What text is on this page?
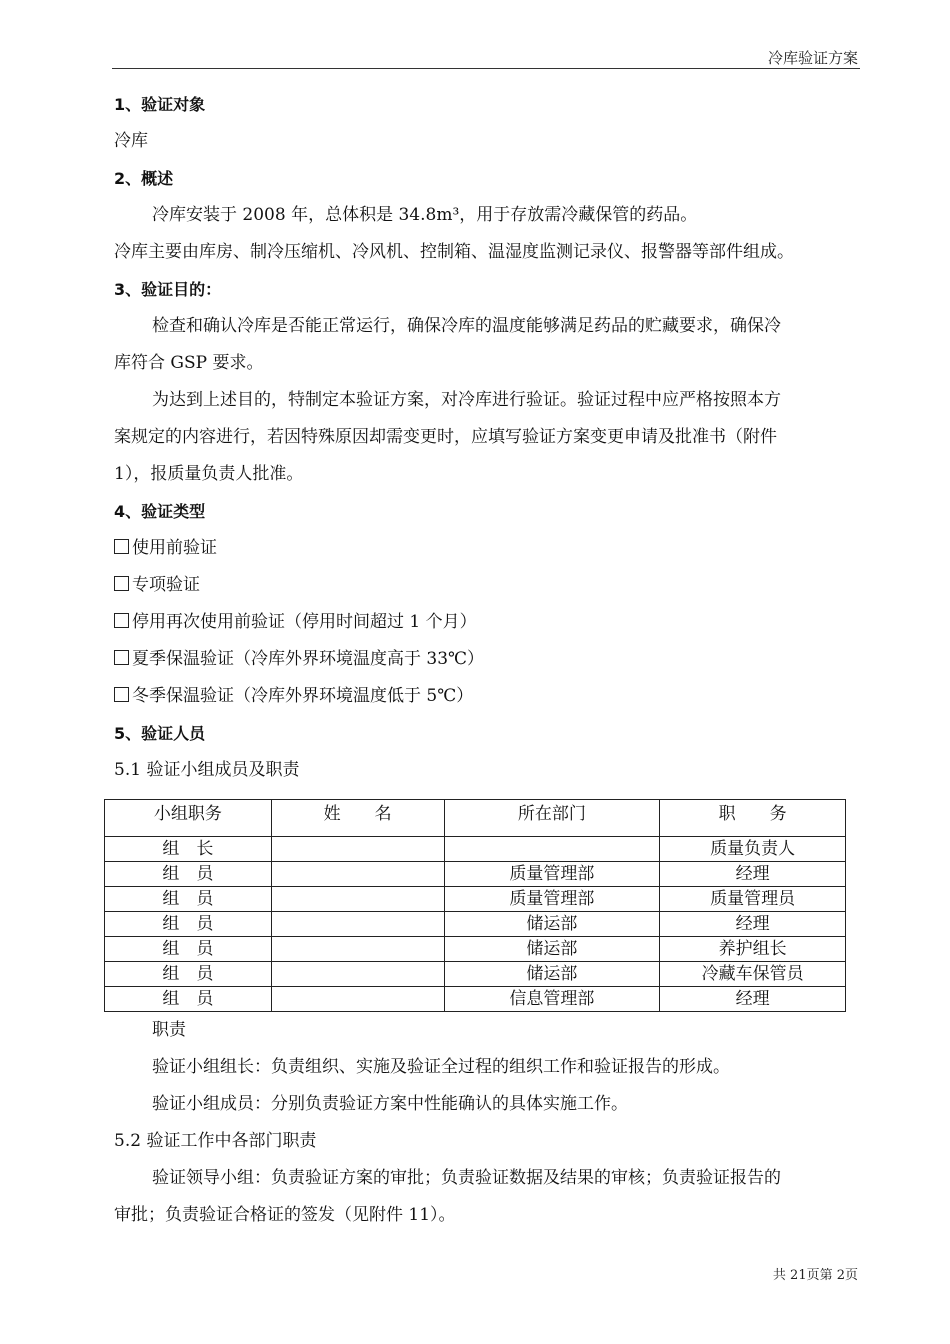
冷库验证方案

1、验证对象

冷库

2、概述

冷库安装于 2008 年，总体积是 34.8m³，用于存放需冷藏保管的药品。

冷库主要由库房、制冷压缩机、冷风机、控制箱、温湿度监测记录仪、报警器等部件组成。

3、验证目的：

检查和确认冷库是否能正常运行，确保冷库的温度能够满足药品的贮藏要求，确保冷

库符合 GSP 要求。

为达到上述目的，特制定本验证方案，对冷库进行验证。验证过程中应严格按照本方

案规定的内容进行，若因特殊原因却需变更时，应填写验证方案变更申请及批准书（附件

1），报质量负责人批准。

4、验证类型

使用前验证

专项验证

停用再次使用前验证（停用时间超过 1 个月）

夏季保温验证（冷库外界环境温度高于 33℃）

冬季保温验证（冷库外界环境温度低于 5℃）

5、验证人员

5.1 验证小组成员及职责

小组职务	姓　　名	所在部门	职　　务
组　长			质量负责人
组　员		质量管理部	经理
组　员		质量管理部	质量管理员
组　员		储运部	经理
组　员		储运部	养护组长
组　员		储运部	冷藏车保管员
组　员		信息管理部	经理

职责

验证小组组长：负责组织、实施及验证全过程的组织工作和验证报告的形成。

验证小组成员：分别负责验证方案中性能确认的具体实施工作。

5.2 验证工作中各部门职责

验证领导小组：负责验证方案的审批；负责验证数据及结果的审核；负责验证报告的

审批；负责验证合格证的签发（见附件 11）。

共 21页第 2页
